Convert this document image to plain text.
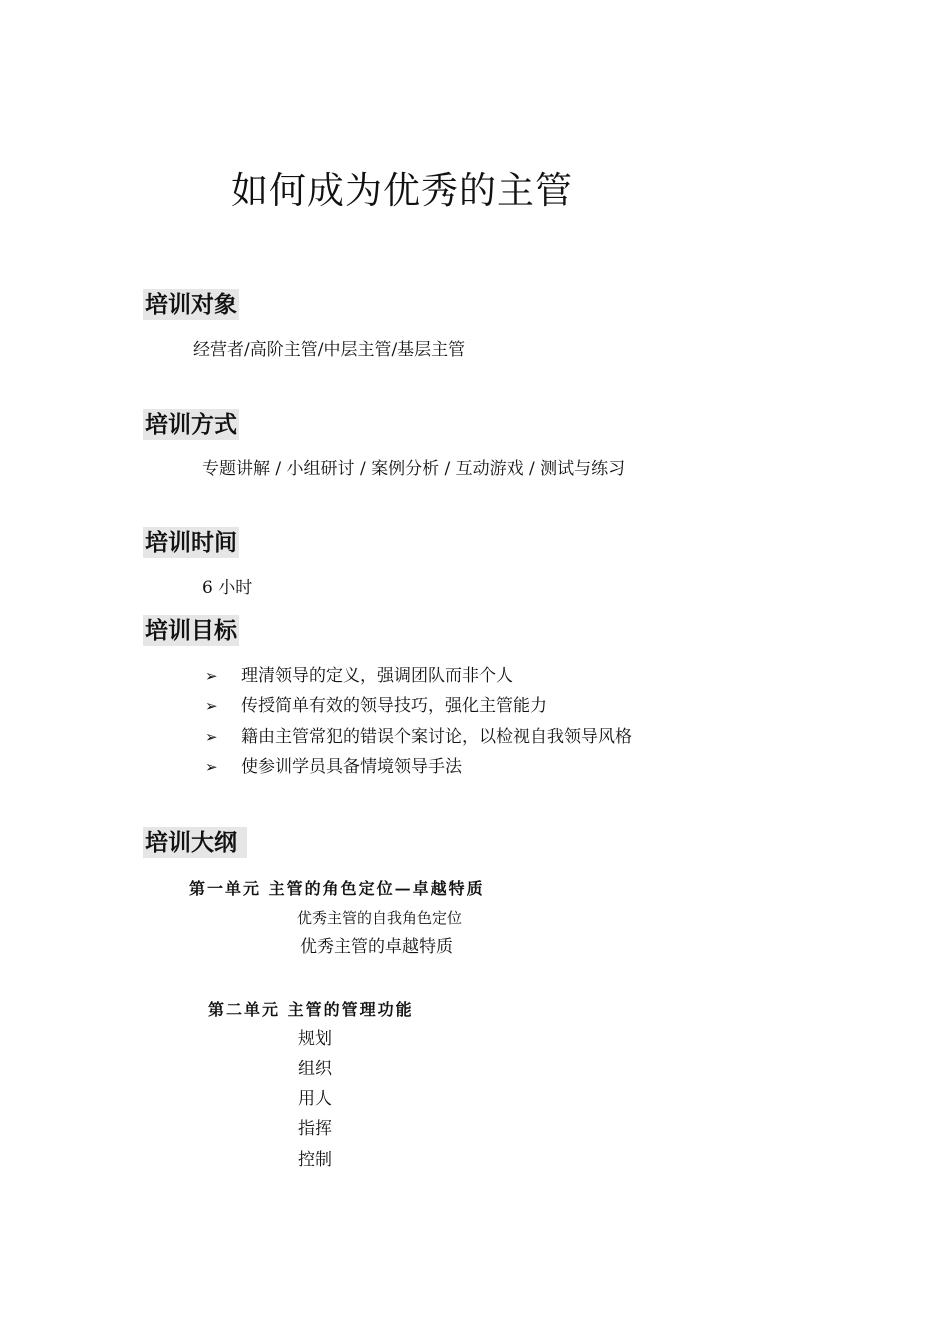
如何成为优秀的主管
培训对象
经营者/高阶主管/中层主管/基层主管
培训方式
专题讲解 / 小组研讨 / 案例分析 / 互动游戏 / 测试与练习
培训时间
6 小时
培训目标
➢ 理清领导的定义，强调团队而非个人
➢ 传授简单有效的领导技巧，强化主管能力
➢ 籍由主管常犯的错误个案讨论，以检视自我领导风格
➢ 使参训学员具备情境领导手法
培训大纲
第一单元 主管的角色定位—卓越特质
优秀主管的自我角色定位
优秀主管的卓越特质
第二单元 主管的管理功能
规划
组织
用人
指挥
控制
